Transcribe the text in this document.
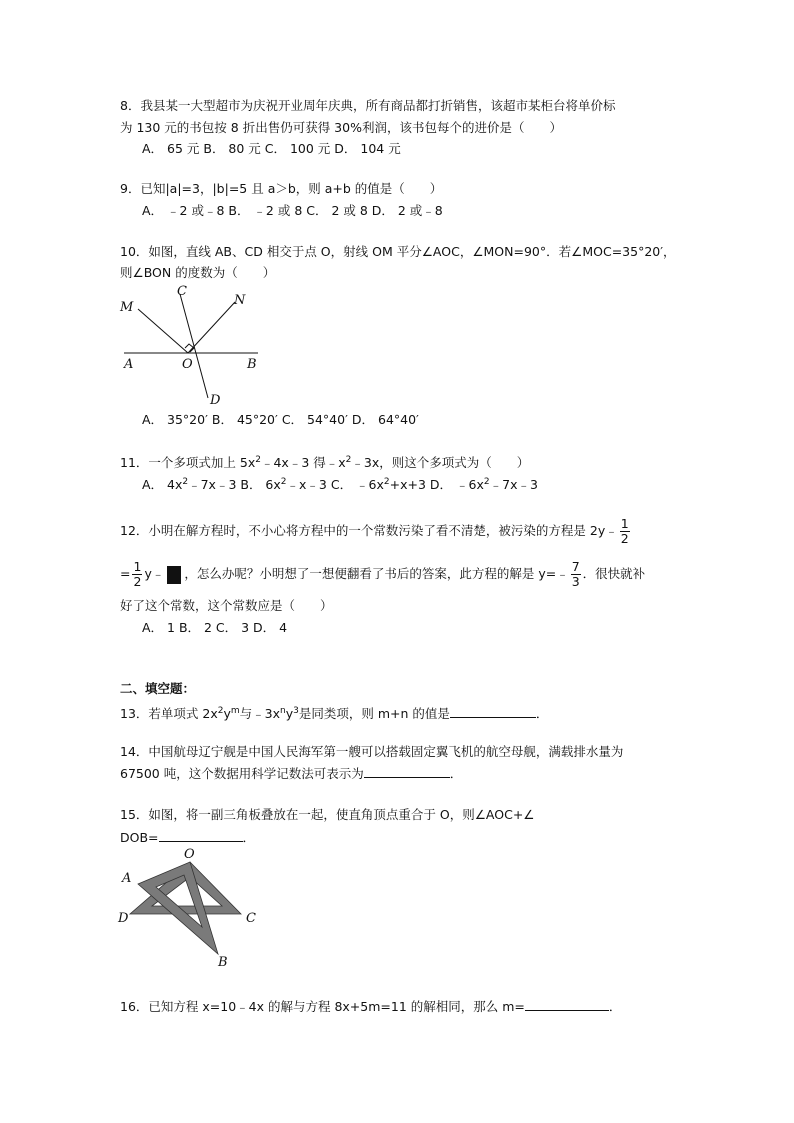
8．我县某一大型超市为庆祝开业周年庆典，所有商品都打折销售，该超市某柜台将单价标
为 130 元的书包按 8 折出售仍可获得 30%利润，该书包每个的进价是（　　）
A． 65 元 B． 80 元 C． 100 元 D． 104 元
9．已知|a|=3，|b|=5 且 a＞b，则 a+b 的值是（　　）
A． ﹣2 或﹣8 B． ﹣2 或 8 C． 2 或 8 D． 2 或﹣8
10．如图，直线 AB、CD 相交于点 O，射线 OM 平分∠AOC，∠MON=90°．若∠MOC=35°20′，
则∠BON 的度数为（　　）
M
C
N
A	O	B
D
A． 35°20′ B． 45°20′ C． 54°40′ D． 64°40′
11．一个多项式加上 $5x^2﹣4x﹣3$ 得$﹣x^2﹣3x$，则这个多项式为（　　）
A． $4x^2﹣7x﹣3$ B． $6x^2﹣x﹣3$ C． $﹣6x^2+x+3$ D． $﹣6x^2﹣7x﹣3$
12．小明在解方程时，不小心将方程中的一个常数污染了看不清楚，被污染的方程是 2y﹣ $\frac{1}{2}$
= $\frac{1}{2}$ y﹣ ，怎么办呢？小明想了一想便翻看了书后的答案，此方程的解是 y=﹣ $\frac{7}{3}$ ．很快就补
好了这个常数，这个常数应是（　　）
A． 1 B． 2 C． 3 D． 4
二、填空题：
13．若单项式 $2x^2y^m$与$﹣3x^ny^3$是同类项，则 m+n 的值是	．
14．中国航母辽宁舰是中国人民海军第一艘可以搭载固定翼飞机的航空母舰，满载排水量为
67500 吨，这个数据用科学记数法可表示为	．
15．如图，将一副三角板叠放在一起，使直角顶点重合于 O，则∠AOC+∠
DOB=	．
O
A
D	C
B
16．已知方程 x=10﹣4x 的解与方程 8x+5m=11 的解相同，那么 m=	．
